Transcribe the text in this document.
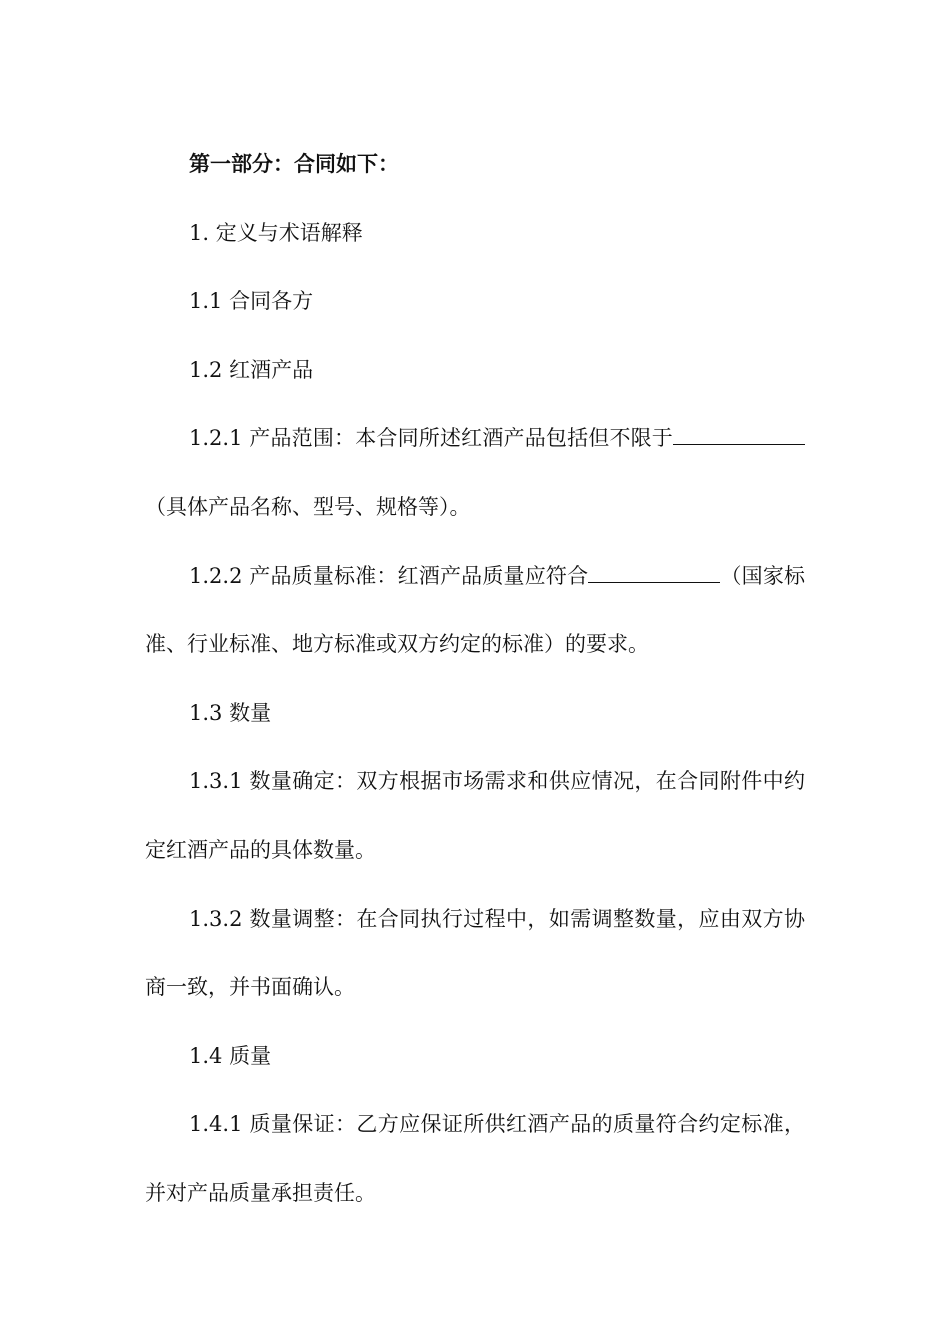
第一部分：合同如下：

1. 定义与术语解释

1.1 合同各方

1.2 红酒产品

1.2.1 产品范围：本合同所述红酒产品包括但不限于（具体产品名称、型号、规格等）。

1.2.2 产品质量标准：红酒产品质量应符合	（国家标准、行业标准、地方标准或双方约定的标准）的要求。

1.3 数量

1.3.1 数量确定：双方根据市场需求和供应情况，在合同附件中约定红酒产品的具体数量。

1.3.2 数量调整：在合同执行过程中，如需调整数量，应由双方协商一致，并书面确认。

1.4 质量

1.4.1 质量保证：乙方应保证所供红酒产品的质量符合约定标准，并对产品质量承担责任。
